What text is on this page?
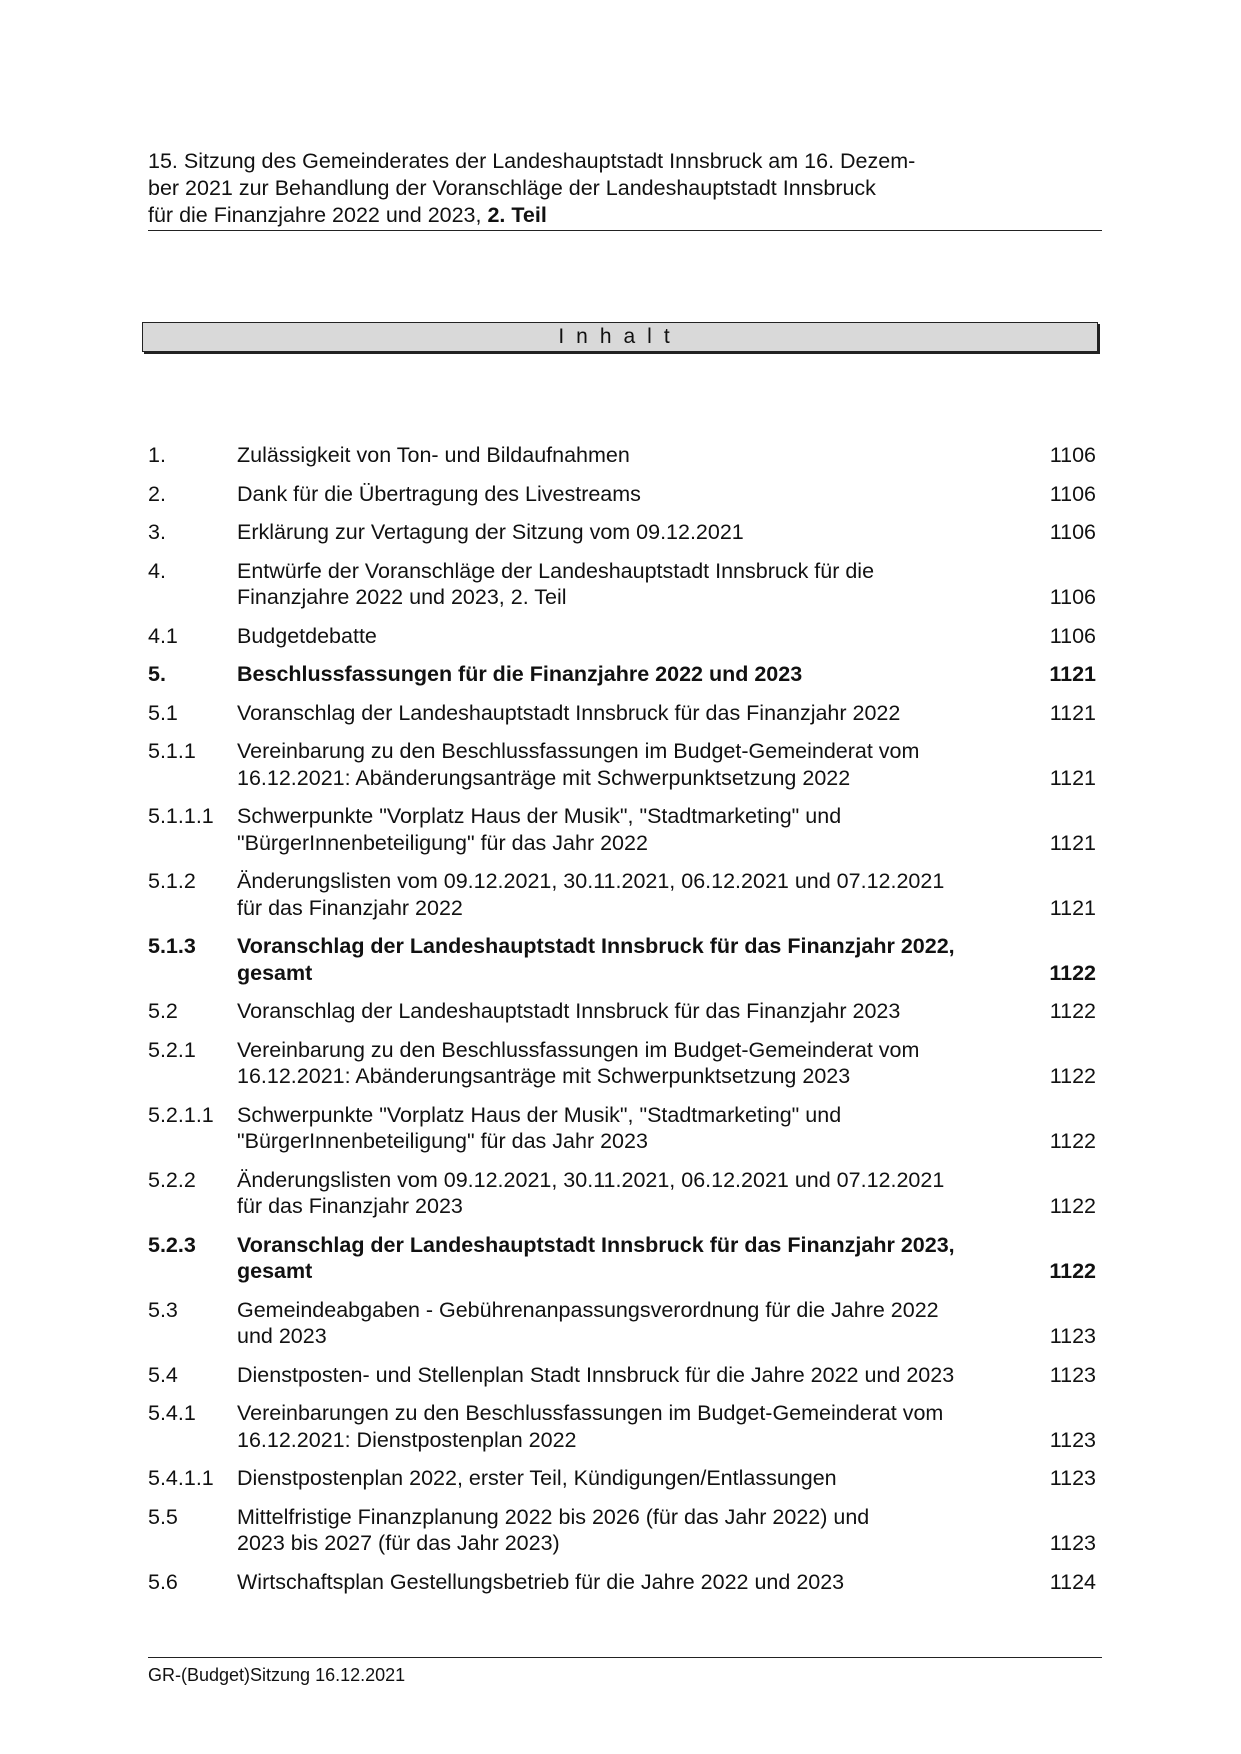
15. Sitzung des Gemeinderates der Landeshauptstadt Innsbruck am 16. Dezem-
ber 2021 zur Behandlung der Voranschläge der Landeshauptstadt Innsbruck
für die Finanzjahre 2022 und 2023, 2. Teil
Inhalt
1.	Zulässigkeit von Ton- und Bildaufnahmen	1106
2.	Dank für die Übertragung des Livestreams	1106
3.	Erklärung zur Vertagung der Sitzung vom 09.12.2021	1106
4.	Entwürfe der Voranschläge der Landeshauptstadt Innsbruck für die
Finanzjahre 2022 und 2023, 2. Teil	1106
4.1	Budgetdebatte	1106
5.	Beschlussfassungen für die Finanzjahre 2022 und 2023	1121
5.1	Voranschlag der Landeshauptstadt Innsbruck für das Finanzjahr 2022	1121
5.1.1	Vereinbarung zu den Beschlussfassungen im Budget-Gemeinderat vom
16.12.2021: Abänderungsanträge mit Schwerpunktsetzung 2022	1121
5.1.1.1	Schwerpunkte "Vorplatz Haus der Musik", "Stadtmarketing" und
"BürgerInnenbeteiligung" für das Jahr 2022	1121
5.1.2	Änderungslisten vom 09.12.2021, 30.11.2021, 06.12.2021 und 07.12.2021
für das Finanzjahr 2022	1121
5.1.3	Voranschlag der Landeshauptstadt Innsbruck für das Finanzjahr 2022,
gesamt	1122
5.2	Voranschlag der Landeshauptstadt Innsbruck für das Finanzjahr 2023	1122
5.2.1	Vereinbarung zu den Beschlussfassungen im Budget-Gemeinderat vom
16.12.2021: Abänderungsanträge mit Schwerpunktsetzung 2023	1122
5.2.1.1	Schwerpunkte "Vorplatz Haus der Musik", "Stadtmarketing" und
"BürgerInnenbeteiligung" für das Jahr 2023	1122
5.2.2	Änderungslisten vom 09.12.2021, 30.11.2021, 06.12.2021 und 07.12.2021
für das Finanzjahr 2023	1122
5.2.3	Voranschlag der Landeshauptstadt Innsbruck für das Finanzjahr 2023,
gesamt	1122
5.3	Gemeindeabgaben - Gebührenanpassungsverordnung für die Jahre 2022
und 2023	1123
5.4	Dienstposten- und Stellenplan Stadt Innsbruck für die Jahre 2022 und 2023	1123
5.4.1	Vereinbarungen zu den Beschlussfassungen im Budget-Gemeinderat vom
16.12.2021: Dienstpostenplan 2022	1123
5.4.1.1	Dienstpostenplan 2022, erster Teil, Kündigungen/Entlassungen	1123
5.5	Mittelfristige Finanzplanung 2022 bis 2026 (für das Jahr 2022) und
2023 bis 2027 (für das Jahr 2023)	1123
5.6	Wirtschaftsplan Gestellungsbetrieb für die Jahre 2022 und 2023	1124
GR-(Budget)Sitzung 16.12.2021
